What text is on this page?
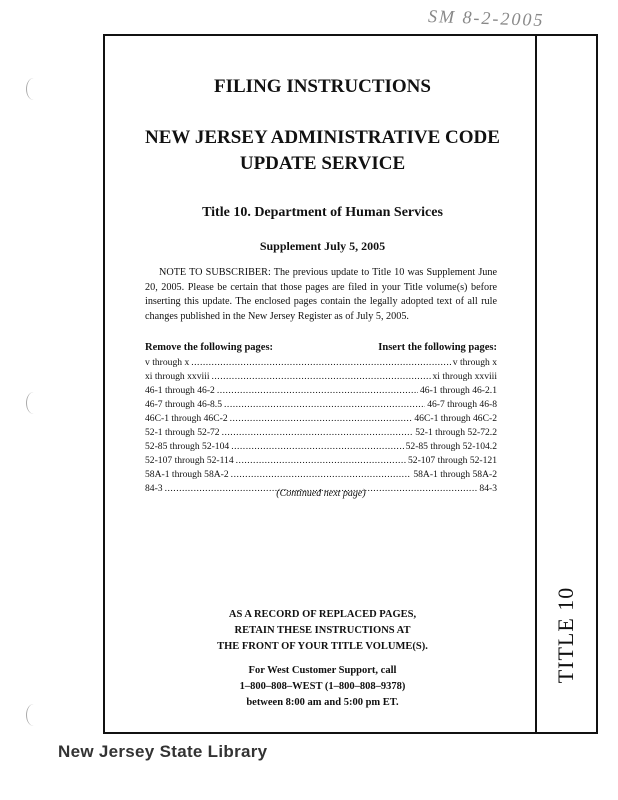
SM 8-2-2005
TITLE 10
FILING INSTRUCTIONS
NEW JERSEY ADMINISTRATIVE CODE
UPDATE SERVICE
Title 10. Department of Human Services
Supplement July 5, 2005
NOTE TO SUBSCRIBER: The previous update to Title 10 was Supplement June 20, 2005. Please be certain that those pages are filed in your Title volume(s) before inserting this update. The enclosed pages contain the legally adopted text of all rule changes published in the New Jersey Register as of July 5, 2005.
Remove the following pages:	Insert the following pages:
v through x .....	v through x
xi through xxviii .....	xi through xxviii
46-1 through 46-2 .....	46-1 through 46-2.1
46-7 through 46-8.5 .....	46-7 through 46-8
46C-1 through 46C-2 .....	46C-1 through 46C-2
52-1 through 52-72 .....	52-1 through 52-72.2
52-85 through 52-104 .....	52-85 through 52-104.2
52-107 through 52-114 .....	52-107 through 52-121
58A-1 through 58A-2 .....	58A-1 through 58A-2
84-3 .....	84-3
(Continued next page)
AS A RECORD OF REPLACED PAGES,
RETAIN THESE INSTRUCTIONS AT
THE FRONT OF YOUR TITLE VOLUME(S).
For West Customer Support, call
1–800–808–WEST (1–800–808–9378)
between 8:00 am and 5:00 pm ET.
New Jersey State Library
